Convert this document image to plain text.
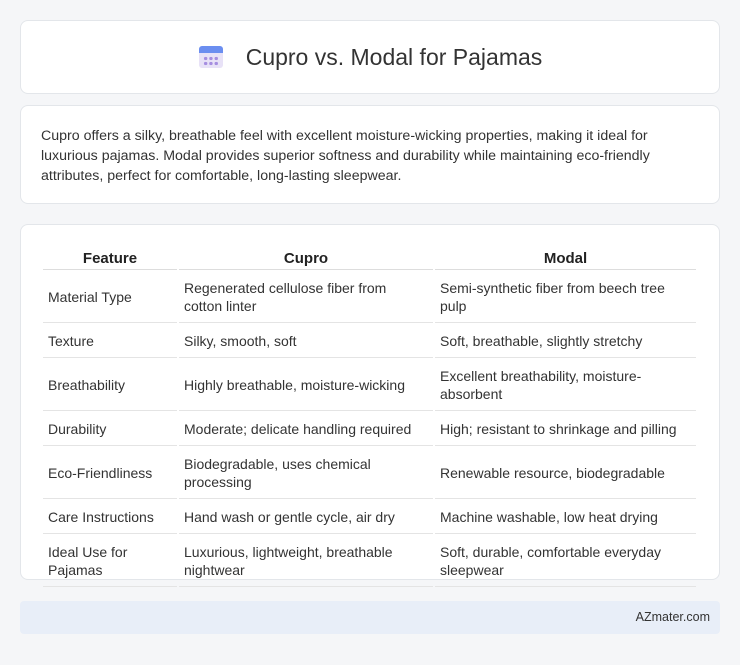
Cupro vs. Modal for Pajamas

Cupro offers a silky, breathable feel with excellent moisture-wicking properties, making it ideal for luxurious pajamas. Modal provides superior softness and durability while maintaining eco-friendly attributes, perfect for comfortable, long-lasting sleepwear.

Feature	Cupro	Modal
Material Type	Regenerated cellulose fiber from cotton linter	Semi-synthetic fiber from beech tree pulp
Texture	Silky, smooth, soft	Soft, breathable, slightly stretchy
Breathability	Highly breathable, moisture-wicking	Excellent breathability, moisture-absorbent
Durability	Moderate; delicate handling required	High; resistant to shrinkage and pilling
Eco-Friendliness	Biodegradable, uses chemical processing	Renewable resource, biodegradable
Care Instructions	Hand wash or gentle cycle, air dry	Machine washable, low heat drying
Ideal Use for Pajamas	Luxurious, lightweight, breathable nightwear	Soft, durable, comfortable everyday sleepwear
AZmater.com
